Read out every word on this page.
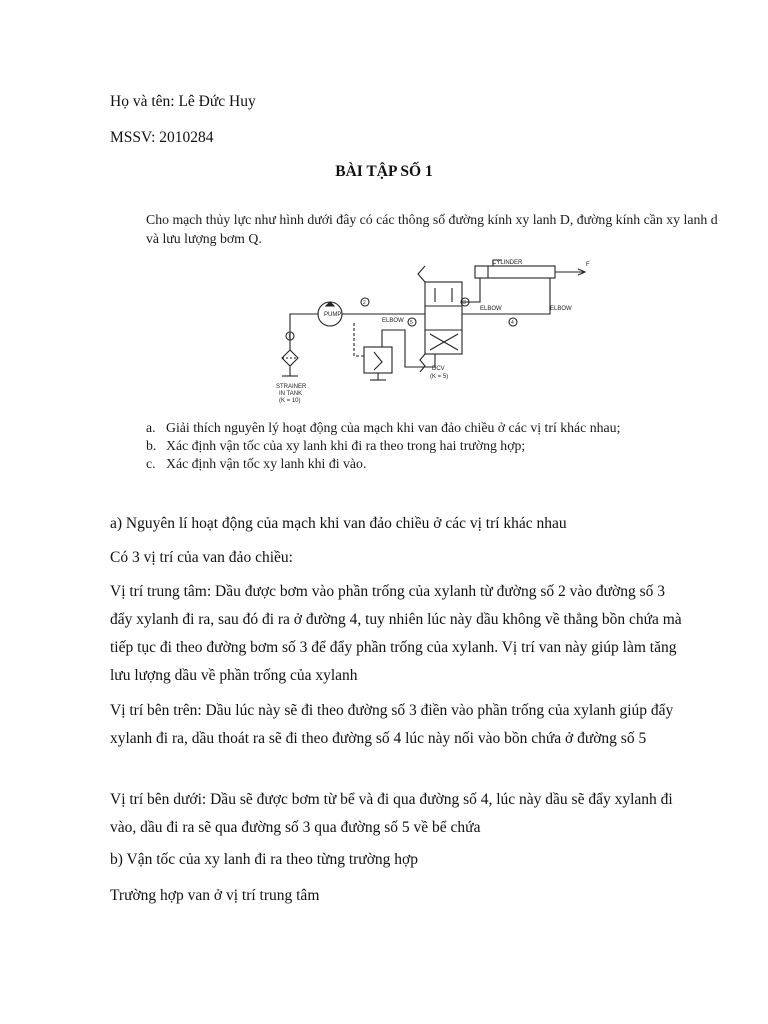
Họ và tên: Lê Đức Huy
MSSV: 2010284
BÀI TẬP SỐ 1
Cho mạch thủy lực như hình dưới đây có các thông số đường kính xy lanh D, đường kính cần xy lanh d và lưu lượng bơm Q.
CYLINDER	F
PUMP
ELBOW
ELBOW	ELBOW
DCV
(K = 5)
STRAINER
IN TANK
(K = 10)
1
2	3
4
5
a. Giải thích nguyên lý hoạt động của mạch khi van đảo chiều ở các vị trí khác nhau;
b. Xác định vận tốc của xy lanh khi đi ra theo trong hai trường hợp;
c. Xác định vận tốc xy lanh khi đi vào.
a) Nguyên lí hoạt động của mạch khi van đảo chiều ở các vị trí khác nhau
Có 3 vị trí của van đảo chiều:
Vị trí trung tâm: Dầu được bơm vào phần trống của xylanh từ đường số 2 vào đường số 3 đẩy xylanh đi ra, sau đó đi ra ở đường 4, tuy nhiên lúc này dầu không về thẳng bồn chứa mà tiếp tục đi theo đường bơm số 3 để đẩy phần trống của xylanh. Vị trí van này giúp làm tăng lưu lượng dầu về phần trống của xylanh
Vị trí bên trên: Dầu lúc này sẽ đi theo đường số 3 điền vào phần trống của xylanh giúp đẩy xylanh đi ra, dầu thoát ra sẽ đi theo đường số 4 lúc này nối vào bồn chứa ở đường số 5
Vị trí bên dưới: Dầu sẽ được bơm từ bể và đi qua đường số 4, lúc này dầu sẽ đẩy xylanh đi vào, dầu đi ra sẽ qua đường số 3 qua đường số 5 về bể chứa
b) Vận tốc của xy lanh đi ra theo từng trường hợp
Trường hợp van ở vị trí trung tâm
